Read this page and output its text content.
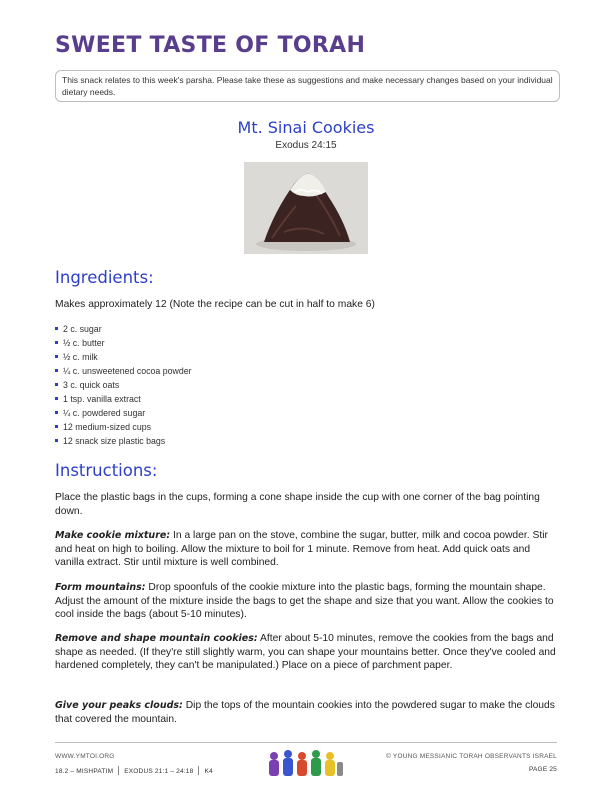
SWEET TASTE OF TORAH
This snack relates to this week's parsha. Please take these as suggestions and make necessary changes based on your individual dietary needs.
Mt. Sinai Cookies
Exodus 24:15
Ingredients:
Makes approximately 12 (Note the recipe can be cut in half to make 6)
2 c. sugar
½ c. butter
½ c. milk
¼ c. unsweetened cocoa powder
3 c. quick oats
1 tsp. vanilla extract
¼ c. powdered sugar
12 medium-sized cups
12 snack size plastic bags
Instructions:
Place the plastic bags in the cups, forming a cone shape inside the cup with one corner of the bag pointing down.
Make cookie mixture: In a large pan on the stove, combine the sugar, butter, milk and cocoa powder. Stir and heat on high to boiling. Allow the mixture to boil for 1 minute. Remove from heat. Add quick oats and vanilla extract. Stir until mixture is well combined.
Form mountains: Drop spoonfuls of the cookie mixture into the plastic bags, forming the mountain shape. Adjust the amount of the mixture inside the bags to get the shape and size that you want. Allow the cookies to cool inside the bags (about 5-10 minutes).
Remove and shape mountain cookies: After about 5-10 minutes, remove the cookies from the bags and shape as needed. (If they're still slightly warm, you can shape your mountains better. Once they've cooled and hardened completely, they can't be manipulated.) Place on a piece of parchment paper.
Give your peaks clouds: Dip the tops of the mountain cookies into the powdered sugar to make the clouds that covered the mountain.
WWW.YMTOI.ORG
18.2 – MISHPATIM EXODUS 21:1 – 24:18 K4
© YOUNG MESSIANIC TORAH OBSERVANTS ISRAEL
PAGE 25
